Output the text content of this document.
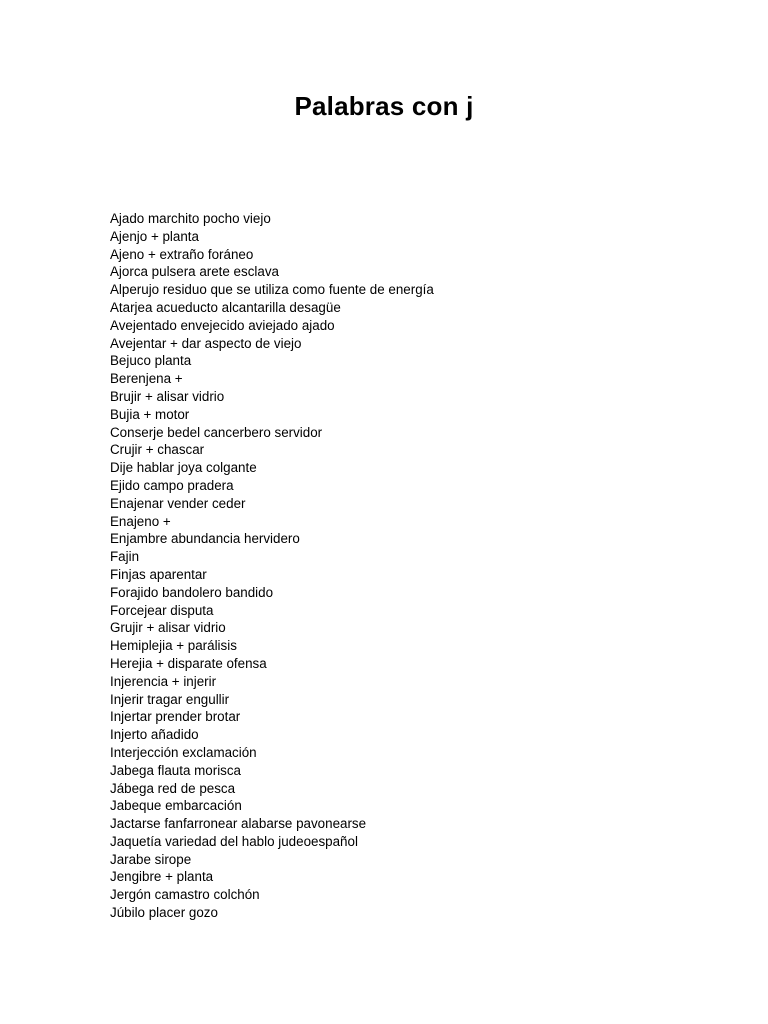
Palabras con j
Ajado marchito pocho viejo
Ajenjo + planta
Ajeno + extraño foráneo
Ajorca pulsera arete esclava
Alperujo residuo que se utiliza como fuente de energía
Atarjea acueducto alcantarilla desagüe
Avejentado envejecido aviejado ajado
Avejentar + dar aspecto de viejo
Bejuco planta
Berenjena +
Brujir + alisar vidrio
Bujia + motor
Conserje bedel cancerbero servidor
Crujir + chascar
Dije hablar joya colgante
Ejido campo pradera
Enajenar vender ceder
Enajeno +
Enjambre abundancia hervidero
Fajin
Finjas aparentar
Forajido bandolero bandido
Forcejear disputa
Grujir + alisar vidrio
Hemiplejia + parálisis
Herejia + disparate ofensa
Injerencia + injerir
Injerir tragar engullir
Injertar prender brotar
Injerto añadido
Interjección exclamación
Jabega flauta morisca
Jábega red de pesca
Jabeque embarcación
Jactarse fanfarronear alabarse pavonearse
Jaquetía variedad del hablo judeoespañol
Jarabe sirope
Jengibre + planta
Jergón camastro colchón
Júbilo placer gozo
